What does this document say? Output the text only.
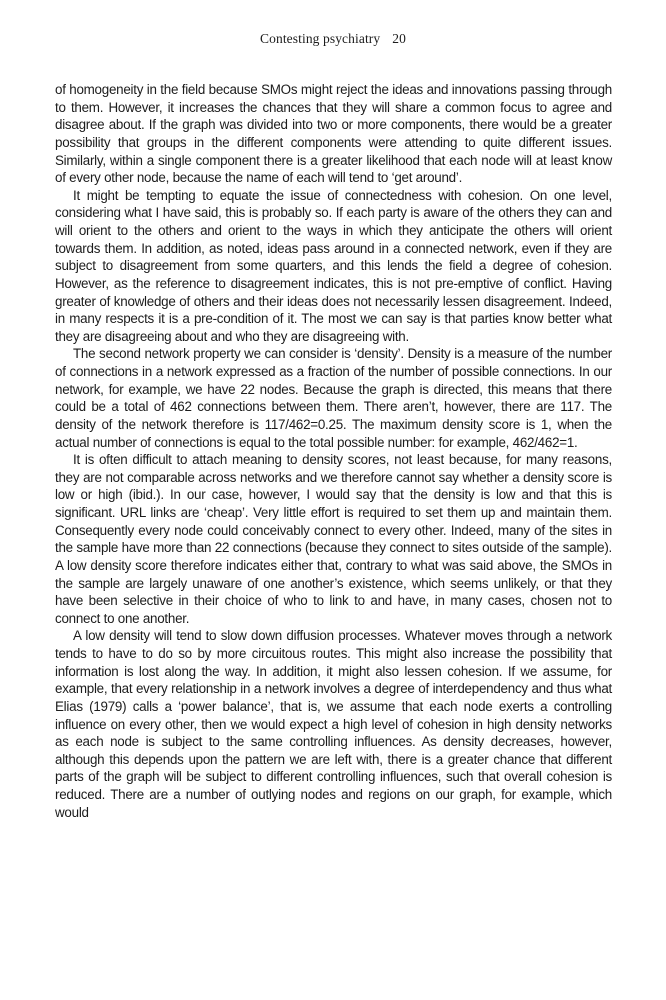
Contesting psychiatry 20

of homogeneity in the field because SMOs might reject the ideas and innovations passing through to them. However, it increases the chances that they will share a common focus to agree and disagree about. If the graph was divided into two or more components, there would be a greater possibility that groups in the different components were attending to quite different issues. Similarly, within a single component there is a greater likelihood that each node will at least know of every other node, because the name of each will tend to ‘get around’.

It might be tempting to equate the issue of connectedness with cohesion. On one level, considering what I have said, this is probably so. If each party is aware of the others they can and will orient to the others and orient to the ways in which they anticipate the others will orient towards them. In addition, as noted, ideas pass around in a connected network, even if they are subject to disagreement from some quarters, and this lends the field a degree of cohesion. However, as the reference to disagreement indicates, this is not pre-emptive of conflict. Having greater of knowledge of others and their ideas does not necessarily lessen disagreement. Indeed, in many respects it is a pre-condition of it. The most we can say is that parties know better what they are disagreeing about and who they are disagreeing with.

The second network property we can consider is ‘density’. Density is a measure of the number of connections in a network expressed as a fraction of the number of possible connections. In our network, for example, we have 22 nodes. Because the graph is directed, this means that there could be a total of 462 connections between them. There aren’t, however, there are 117. The density of the network therefore is 117/462=0.25. The maximum density score is 1, when the actual number of connections is equal to the total possible number: for example, 462/462=1.

It is often difficult to attach meaning to density scores, not least because, for many reasons, they are not comparable across networks and we therefore cannot say whether a density score is low or high (ibid.). In our case, however, I would say that the density is low and that this is significant. URL links are ‘cheap’. Very little effort is required to set them up and maintain them. Consequently every node could conceivably connect to every other. Indeed, many of the sites in the sample have more than 22 connections (because they connect to sites outside of the sample). A low density score therefore indicates either that, contrary to what was said above, the SMOs in the sample are largely unaware of one another’s existence, which seems unlikely, or that they have been selective in their choice of who to link to and have, in many cases, chosen not to connect to one another.

A low density will tend to slow down diffusion processes. Whatever moves through a network tends to have to do so by more circuitous routes. This might also increase the possibility that information is lost along the way. In addition, it might also lessen cohesion. If we assume, for example, that every relationship in a network involves a degree of interdependency and thus what Elias (1979) calls a ‘power balance’, that is, we assume that each node exerts a controlling influence on every other, then we would expect a high level of cohesion in high density networks as each node is subject to the same controlling influences. As density decreases, however, although this depends upon the pattern we are left with, there is a greater chance that different parts of the graph will be subject to different controlling influences, such that overall cohesion is reduced. There are a number of outlying nodes and regions on our graph, for example, which would
